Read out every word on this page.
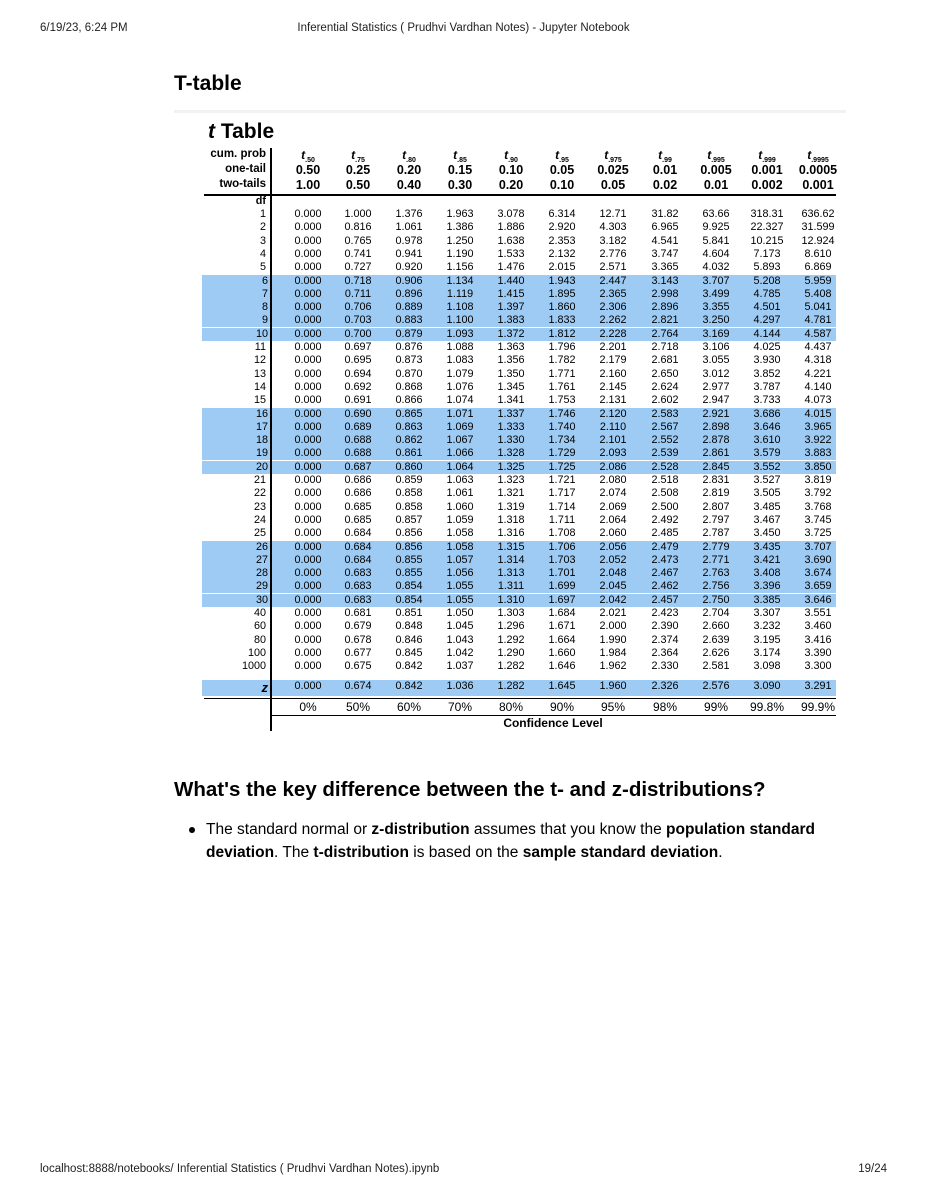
6/19/23, 6:24 PM	Inferential Statistics ( Prudhvi Vardhan Notes) - Jupyter Notebook
T-table
t Table
cum. prob	$t_{.50}$	$t_{.75}$	$t_{.80}$	$t_{.85}$	$t_{.90}$	$t_{.95}$	$t_{.975}$	$t_{.99}$	$t_{.995}$	$t_{.999}$	$t_{.9995}$
one-tail	0.50	0.25	0.20	0.15	0.10	0.05	0.025	0.01	0.005	0.001	0.0005
two-tails	1.00	0.50	0.40	0.30	0.20	0.10	0.05	0.02	0.01	0.002	0.001
df
1	0.000	1.000	1.376	1.963	3.078	6.314	12.71	31.82	63.66	318.31	636.62
2	0.000	0.816	1.061	1.386	1.886	2.920	4.303	6.965	9.925	22.327	31.599
3	0.000	0.765	0.978	1.250	1.638	2.353	3.182	4.541	5.841	10.215	12.924
4	0.000	0.741	0.941	1.190	1.533	2.132	2.776	3.747	4.604	7.173	8.610
5	0.000	0.727	0.920	1.156	1.476	2.015	2.571	3.365	4.032	5.893	6.869
6	0.000	0.718	0.906	1.134	1.440	1.943	2.447	3.143	3.707	5.208	5.959
7	0.000	0.711	0.896	1.119	1.415	1.895	2.365	2.998	3.499	4.785	5.408
8	0.000	0.706	0.889	1.108	1.397	1.860	2.306	2.896	3.355	4.501	5.041
9	0.000	0.703	0.883	1.100	1.383	1.833	2.262	2.821	3.250	4.297	4.781
10	0.000	0.700	0.879	1.093	1.372	1.812	2.228	2.764	3.169	4.144	4.587
11	0.000	0.697	0.876	1.088	1.363	1.796	2.201	2.718	3.106	4.025	4.437
12	0.000	0.695	0.873	1.083	1.356	1.782	2.179	2.681	3.055	3.930	4.318
13	0.000	0.694	0.870	1.079	1.350	1.771	2.160	2.650	3.012	3.852	4.221
14	0.000	0.692	0.868	1.076	1.345	1.761	2.145	2.624	2.977	3.787	4.140
15	0.000	0.691	0.866	1.074	1.341	1.753	2.131	2.602	2.947	3.733	4.073
16	0.000	0.690	0.865	1.071	1.337	1.746	2.120	2.583	2.921	3.686	4.015
17	0.000	0.689	0.863	1.069	1.333	1.740	2.110	2.567	2.898	3.646	3.965
18	0.000	0.688	0.862	1.067	1.330	1.734	2.101	2.552	2.878	3.610	3.922
19	0.000	0.688	0.861	1.066	1.328	1.729	2.093	2.539	2.861	3.579	3.883
20	0.000	0.687	0.860	1.064	1.325	1.725	2.086	2.528	2.845	3.552	3.850
21	0.000	0.686	0.859	1.063	1.323	1.721	2.080	2.518	2.831	3.527	3.819
22	0.000	0.686	0.858	1.061	1.321	1.717	2.074	2.508	2.819	3.505	3.792
23	0.000	0.685	0.858	1.060	1.319	1.714	2.069	2.500	2.807	3.485	3.768
24	0.000	0.685	0.857	1.059	1.318	1.711	2.064	2.492	2.797	3.467	3.745
25	0.000	0.684	0.856	1.058	1.316	1.708	2.060	2.485	2.787	3.450	3.725
26	0.000	0.684	0.856	1.058	1.315	1.706	2.056	2.479	2.779	3.435	3.707
27	0.000	0.684	0.855	1.057	1.314	1.703	2.052	2.473	2.771	3.421	3.690
28	0.000	0.683	0.855	1.056	1.313	1.701	2.048	2.467	2.763	3.408	3.674
29	0.000	0.683	0.854	1.055	1.311	1.699	2.045	2.462	2.756	3.396	3.659
30	0.000	0.683	0.854	1.055	1.310	1.697	2.042	2.457	2.750	3.385	3.646
40	0.000	0.681	0.851	1.050	1.303	1.684	2.021	2.423	2.704	3.307	3.551
60	0.000	0.679	0.848	1.045	1.296	1.671	2.000	2.390	2.660	3.232	3.460
80	0.000	0.678	0.846	1.043	1.292	1.664	1.990	2.374	2.639	3.195	3.416
100	0.000	0.677	0.845	1.042	1.290	1.660	1.984	2.364	2.626	3.174	3.390
1000	0.000	0.675	0.842	1.037	1.282	1.646	1.962	2.330	2.581	3.098	3.300
z	0.000	0.674	0.842	1.036	1.282	1.645	1.960	2.326	2.576	3.090	3.291
0%	50%	60%	70%	80%	90%	95%	98%	99%	99.8%	99.9%
Confidence Level
What's the key difference between the t- and z-distributions?
The standard normal or z-distribution assumes that you know the population standard deviation. The t-distribution is based on the sample standard deviation.
localhost:8888/notebooks/ Inferential Statistics ( Prudhvi Vardhan Notes).ipynb	19/24
